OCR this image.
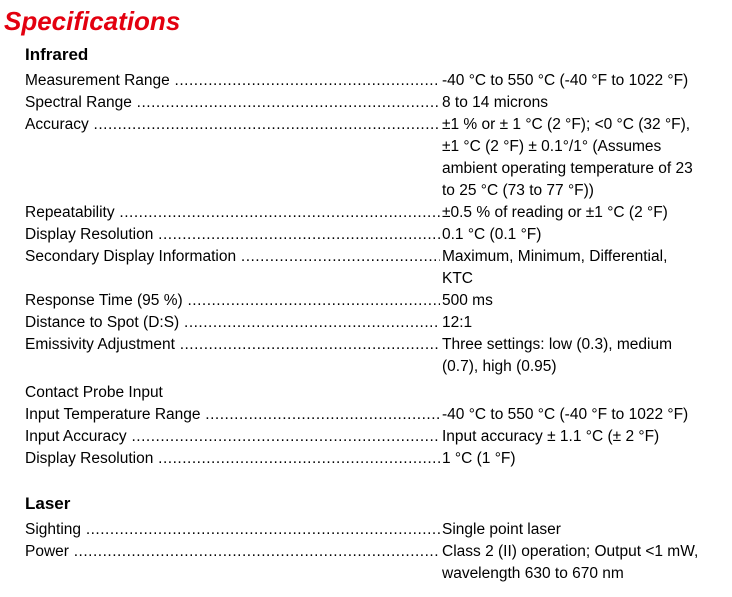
Specifications
Infrared
Measurement Range .....	-40 °C to 550 °C (-40 °F to 1022 °F)
Spectral Range .....	8 to 14 microns
Accuracy .....	±1 % or ± 1 °C (2 °F); <0 °C (32 °F),
±1 °C (2 °F) ± 0.1°/1° (Assumes
ambient operating temperature of 23
to 25 °C (73 to 77 °F))
Repeatability .....	±0.5 % of reading or ±1 °C (2 °F)
Display Resolution .....	0.1 °C (0.1 °F)
Secondary Display Information .....	Maximum, Minimum, Differential,
KTC
Response Time (95 %) .....	500 ms
Distance to Spot (D:S) .....	12:1
Emissivity Adjustment .....	Three settings: low (0.3), medium
(0.7), high (0.95)
Contact Probe Input
Input Temperature Range .....	-40 °C to 550 °C (-40 °F to 1022 °F)
Input Accuracy .....	Input accuracy ± 1.1 °C (± 2 °F)
Display Resolution .....	1 °C (1 °F)
Laser
Sighting .....	Single point laser
Power .....	Class 2 (II) operation; Output <1 mW,
wavelength 630 to 670 nm
